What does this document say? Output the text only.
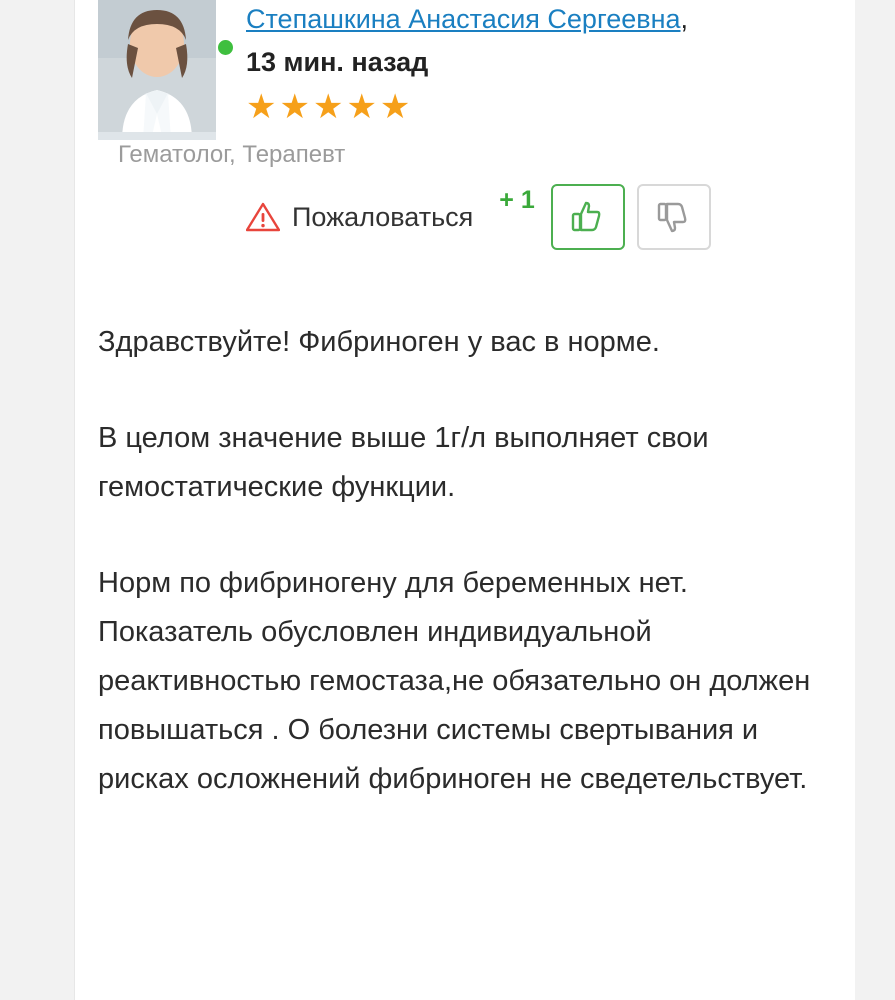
Степашкина Анастасия Сергеевна,
13 мин. назад
★★★★★
Гематолог, Терапевт
Пожаловаться
+ 1

Здравствуйте! Фибриноген у вас в норме.

В целом значение выше 1г/л выполняет свои гемостатические функции.

Норм по фибриногену для беременных нет. Показатель обусловлен индивидуальной реактивностью гемостаза,не обязательно он должен повышаться . О болезни системы свертывания и рисках осложнений фибриноген не сведетельствует.
